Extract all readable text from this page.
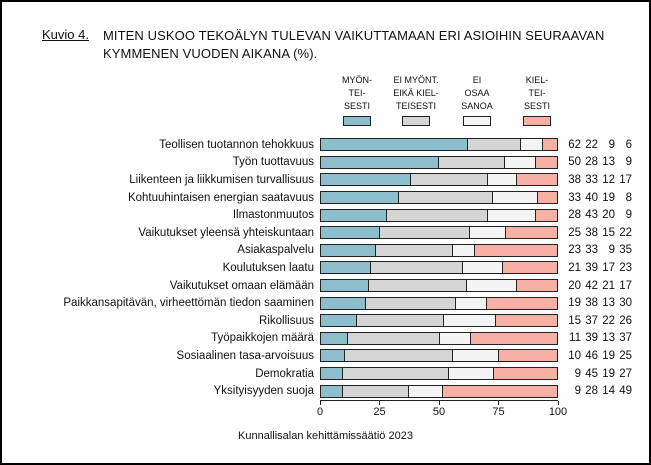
Kuvio 4. MITEN USKOO TEKOÄLYN TULEVAN VAIKUTTAMAAN ERI ASIOIHIN SEURAAVAN
KYMMENEN VUODEN AIKANA (%).
MYÖN-
TEI-
SESTI
EI MYÖNT.
EIKÄ KIEL-
TEISESTI
EI
OSAA
SANOA
KIEL-
TEI-
SESTI
Teollisen tuotannon tehokkuus	62 22 9 6
Työn tuottavuus	50 28 13 9
Liikenteen ja liikkumisen turvallisuus	38 33 12 17
Kohtuuhintaisen energian saatavuus	33 40 19 8
Ilmastonmuutos	28 43 20 9
Vaikutukset yleensä yhteiskuntaan	25 38 15 22
Asiakaspalvelu	23 33 9 35
Koulutuksen laatu	21 39 17 23
Vaikutukset omaan elämään	20 42 21 17
Paikkansapitävän, virheettömän tiedon saaminen	19 38 13 30
Rikollisuus	15 37 22 26
Työpaikkojen määrä	11 39 13 37
Sosiaalinen tasa-arvoisuus	10 46 19 25
Demokratia	9 45 19 27
Yksityisyyden suoja	9 28 14 49
0	25	50	75	100
Kunnallisalan kehittämissäätiö 2023
